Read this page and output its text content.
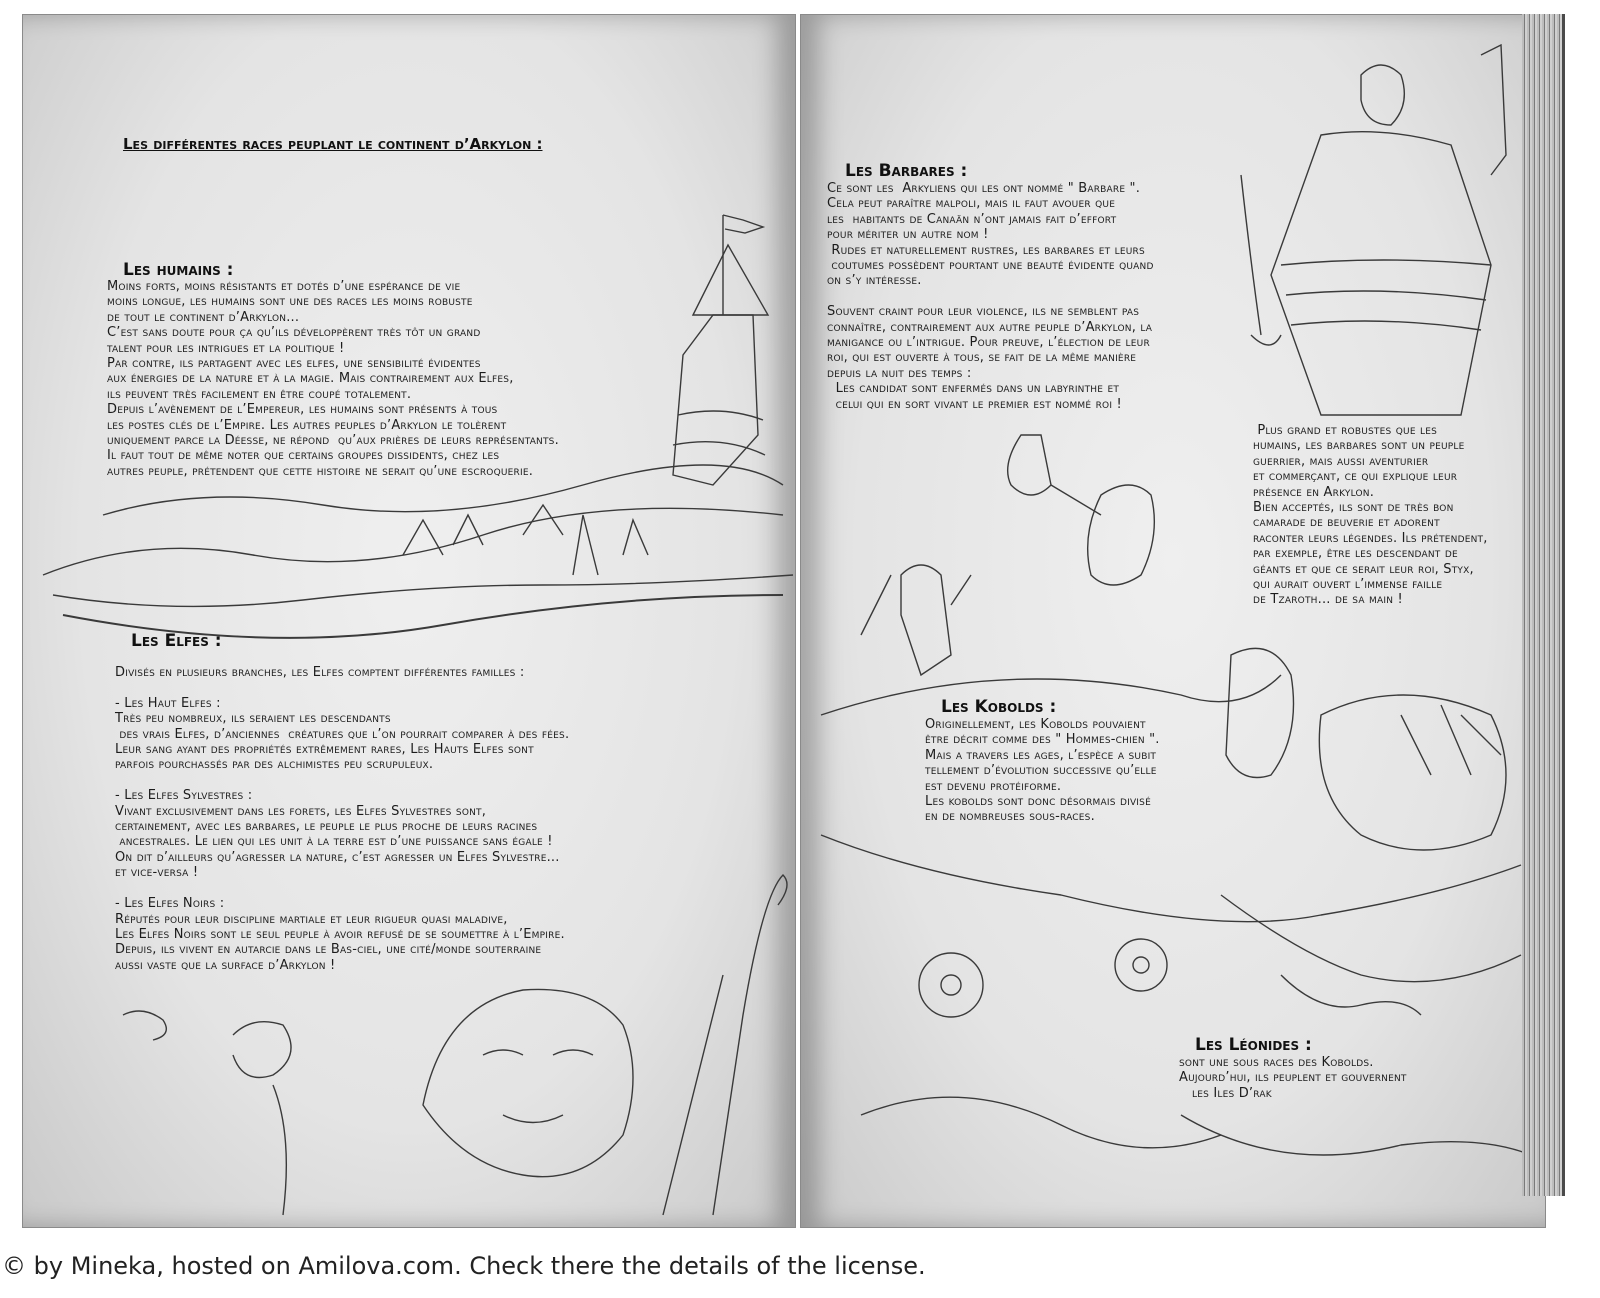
Les différentes races peuplant le continent d’Arkylon :
Les humains :
Moins forts, moins résistants et dotés d’une espérance de vie
moins longue, les humains sont une des races les moins robuste
de tout le continent d’Arkylon...
C’est sans doute pour ça qu’ils développèrent très tôt un grand
talent pour les intrigues et la politique !
Par contre, ils partagent avec les elfes, une sensibilité évidentes
aux énergies de la nature et à la magie. Mais contrairement aux Elfes,
ils peuvent très facilement en être coupé totalement.
Depuis l’avènement de l’Empereur, les humains sont présents à tous
les postes clés de l’Empire. Les autres peuples d’Arkylon le tolèrent
uniquement parce la Déesse, ne répond  qu’aux prières de leurs représentants.
Il faut tout de même noter que certains groupes dissidents, chez les
autres peuple, prétendent que cette histoire ne serait qu’une escroquerie.
Les Elfes :
Divisés en plusieurs branches, les Elfes comptent différentes familles :

- Les Haut Elfes :
Très peu nombreux, ils seraient les descendants
des vrais Elfes, d’anciennes  créatures que l’on pourrait comparer à des fées.
Leur sang ayant des propriétés extrêmement rares, Les Hauts Elfes sont
parfois pourchassés par des alchimistes peu scrupuleux.

- Les Elfes Sylvestres :
Vivant exclusivement dans les forets, les Elfes Sylvestres sont,
certainement, avec les barbares, le peuple le plus proche de leurs racines
ancestrales. Le lien qui les unit à la terre est d’une puissance sans égale !
On dit d’ailleurs qu’agresser la nature, c’est agresser un Elfes Sylvestre...
et vice-versa !

- Les Elfes Noirs :
Réputés pour leur discipline martiale et leur rigueur quasi maladive,
Les Elfes Noirs sont le seul peuple à avoir refusé de se soumettre à l’Empire.
Depuis, ils vivent en autarcie dans le Bas-ciel, une cité/monde souterraine
aussi vaste que la surface d’Arkylon !
Les Barbares :
Ce sont les  Arkyliens qui les ont nommé " Barbare ".
Cela peut paraître malpoli, mais il faut avouer que
les  habitants de Canaän n’ont jamais fait d’effort
pour mériter un autre nom !
Rudes et naturellement rustres, les barbares et leurs
coutumes possèdent pourtant une beauté évidente quand
on s’y intéresse.

Souvent craint pour leur violence, ils ne semblent pas
connaître, contrairement aux autre peuple d’Arkylon, la
manigance ou l’intrigue. Pour preuve, l’élection de leur
roi, qui est ouverte à tous, se fait de la même manière
depuis la nuit des temps :
Les candidat sont enfermés dans un labyrinthe et
celui qui en sort vivant le premier est nommé roi !
Plus grand et robustes que les
humains, les barbares sont un peuple
guerrier, mais aussi aventurier
et commerçant, ce qui explique leur
présence en Arkylon.
Bien acceptés, ils sont de très bon
camarade de beuverie et adorent
raconter leurs légendes. Ils prétendent,
par exemple, être les descendant de
géants et que ce serait leur roi, Styx,
qui aurait ouvert l’immense faille
de Tzaroth... de sa main !
Les Kobolds :
Originellement, les Kobolds pouvaient
être décrit comme des " Hommes-chien ".
Mais a travers les ages, l’espèce a subit
tellement d’évolution successive qu’elle
est devenu protéiforme.
Les kobolds sont donc désormais divisé
en de nombreuses sous-races.
Les Léonides :
sont une sous races des Kobolds.
Aujourd’hui, ils peuplent et gouvernent
les Iles D’rak
© by Mineka, hosted on Amilova.com. Check there the details of the license.
